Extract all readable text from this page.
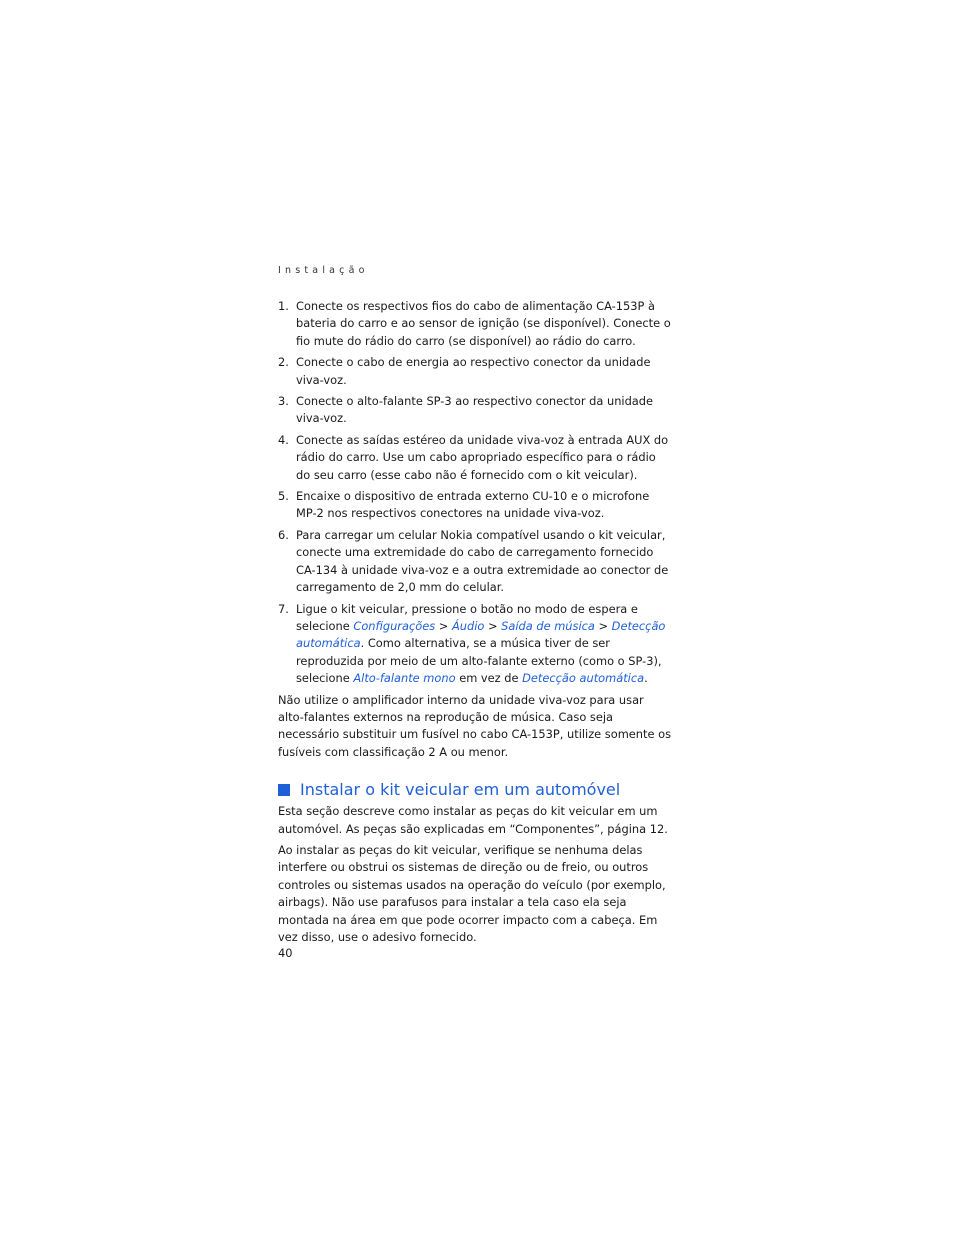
Instalação
1. Conecte os respectivos fios do cabo de alimentação CA-153P à bateria do carro e ao sensor de ignição (se disponível). Conecte o fio mute do rádio do carro (se disponível) ao rádio do carro.
2. Conecte o cabo de energia ao respectivo conector da unidade viva-voz.
3. Conecte o alto-falante SP-3 ao respectivo conector da unidade viva-voz.
4. Conecte as saídas estéreo da unidade viva-voz à entrada AUX do rádio do carro. Use um cabo apropriado específico para o rádio do seu carro (esse cabo não é fornecido com o kit veicular).
5. Encaixe o dispositivo de entrada externo CU-10 e o microfone MP-2 nos respectivos conectores na unidade viva-voz.
6. Para carregar um celular Nokia compatível usando o kit veicular, conecte uma extremidade do cabo de carregamento fornecido CA-134 à unidade viva-voz e a outra extremidade ao conector de carregamento de 2,0 mm do celular.
7. Ligue o kit veicular, pressione o botão no modo de espera e selecione Configurações > Áudio > Saída de música > Detecção automática. Como alternativa, se a música tiver de ser reproduzida por meio de um alto-falante externo (como o SP-3), selecione Alto-falante mono em vez de Detecção automática.

Não utilize o amplificador interno da unidade viva-voz para usar alto-falantes externos na reprodução de música. Caso seja necessário substituir um fusível no cabo CA-153P, utilize somente os fusíveis com classificação 2 A ou menor.

Instalar o kit veicular em um automóvel

Esta seção descreve como instalar as peças do kit veicular em um automóvel. As peças são explicadas em “Componentes”, página 12.

Ao instalar as peças do kit veicular, verifique se nenhuma delas interfere ou obstrui os sistemas de direção ou de freio, ou outros controles ou sistemas usados na operação do veículo (por exemplo, airbags). Não use parafusos para instalar a tela caso ela seja montada na área em que pode ocorrer impacto com a cabeça. Em vez disso, use o adesivo fornecido.

40
